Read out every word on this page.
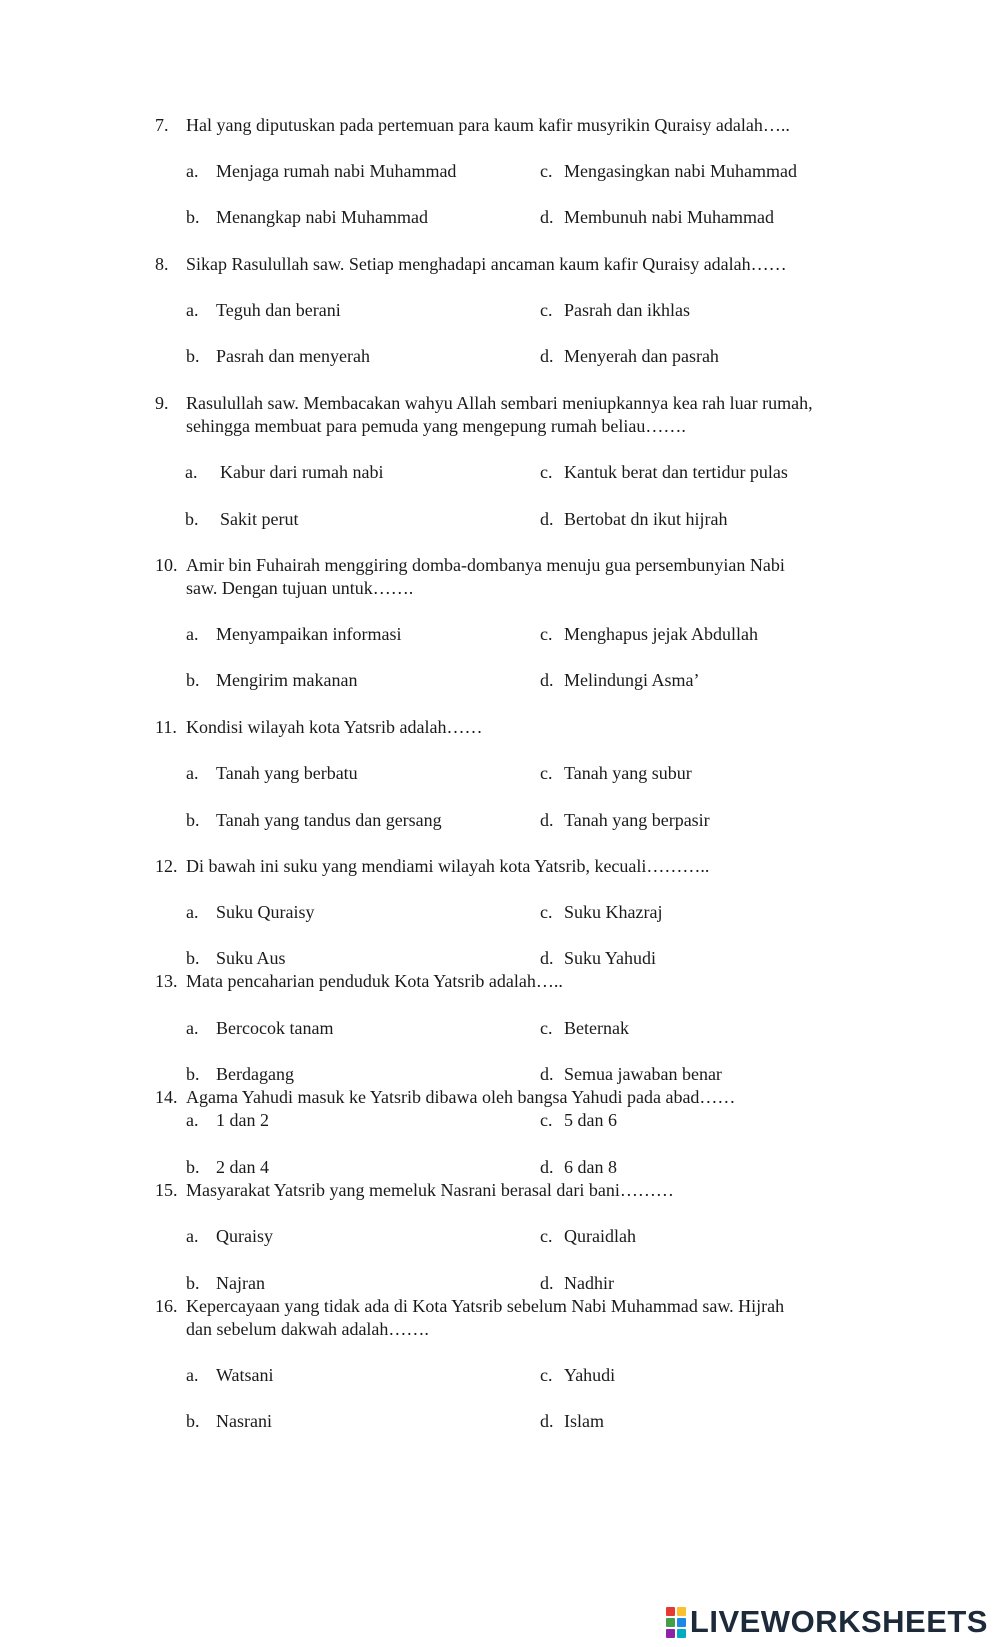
7. Hal yang diputuskan pada pertemuan para kaum kafir musyrikin Quraisy adalah…..
a. Menjaga rumah nabi Muhammad
b. Menangkap nabi Muhammad
c. Mengasingkan nabi Muhammad
d. Membunuh nabi Muhammad
8. Sikap Rasulullah saw. Setiap menghadapi ancaman kaum kafir Quraisy adalah……
a. Teguh dan berani
b. Pasrah dan menyerah
c. Pasrah dan ikhlas
d. Menyerah dan pasrah
9. Rasulullah saw. Membacakan wahyu Allah sembari meniupkannya kea rah luar rumah,
sehingga membuat para pemuda yang mengepung rumah beliau…….
a. Kabur dari rumah nabi
b. Sakit perut
c. Kantuk berat dan tertidur pulas
d. Bertobat dn ikut hijrah
10. Amir bin Fuhairah menggiring domba-dombanya menuju gua persembunyian Nabi
saw. Dengan tujuan untuk…….
a. Menyampaikan informasi
b. Mengirim makanan
c. Menghapus jejak Abdullah
d. Melindungi Asma’
11. Kondisi wilayah kota Yatsrib adalah……
a. Tanah yang berbatu
b. Tanah yang tandus dan gersang
c. Tanah yang subur
d. Tanah yang berpasir
12. Di bawah ini suku yang mendiami wilayah kota Yatsrib, kecuali………..
a. Suku Quraisy
b. Suku Aus
c. Suku Khazraj
d. Suku Yahudi
13. Mata pencaharian penduduk Kota Yatsrib adalah…..
a. Bercocok tanam
b. Berdagang
c. Beternak
d. Semua jawaban benar
14. Agama Yahudi masuk ke Yatsrib dibawa oleh bangsa Yahudi pada abad……
a. 1 dan 2
b. 2 dan 4
c. 5 dan 6
d. 6 dan 8
15. Masyarakat Yatsrib yang memeluk Nasrani berasal dari bani………
a. Quraisy
b. Najran
c. Quraidlah
d. Nadhir
16. Kepercayaan yang tidak ada di Kota Yatsrib sebelum Nabi Muhammad saw. Hijrah
dan sebelum dakwah adalah…….
a. Watsani
b. Nasrani
c. Yahudi
d. Islam
LIVEWORKSHEETS
